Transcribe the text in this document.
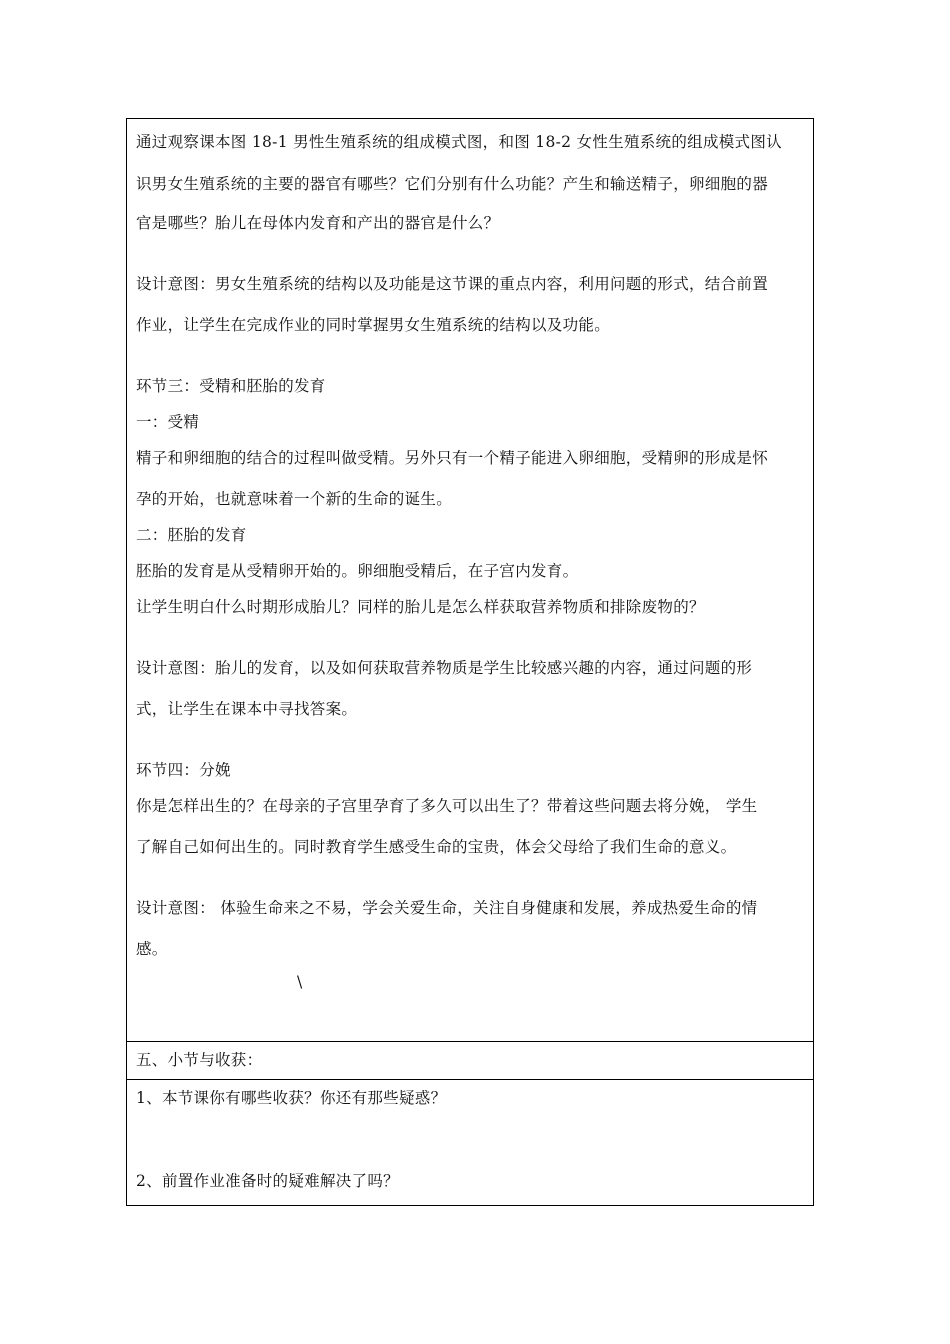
通过观察课本图 18-1 男性生殖系统的组成模式图，和图 18-2 女性生殖系统的组成模式图认
识男女生殖系统的主要的器官有哪些？它们分别有什么功能？产生和输送精子，卵细胞的器
官是哪些？胎儿在母体内发育和产出的器官是什么？
设计意图：男女生殖系统的结构以及功能是这节课的重点内容，利用问题的形式，结合前置
作业，让学生在完成作业的同时掌握男女生殖系统的结构以及功能。
环节三：受精和胚胎的发育
一：受精
精子和卵细胞的结合的过程叫做受精。另外只有一个精子能进入卵细胞，受精卵的形成是怀
孕的开始，也就意味着一个新的生命的诞生。
二：胚胎的发育
胚胎的发育是从受精卵开始的。卵细胞受精后，在子宫内发育。
让学生明白什么时期形成胎儿？同样的胎儿是怎么样获取营养物质和排除废物的？
设计意图：胎儿的发育，以及如何获取营养物质是学生比较感兴趣的内容，通过问题的形
式，让学生在课本中寻找答案。
环节四：分娩
你是怎样出生的？在母亲的子宫里孕育了多久可以出生了？带着这些问题去将分娩， 学生
了解自己如何出生的。同时教育学生感受生命的宝贵，体会父母给了我们生命的意义。
设计意图： 体验生命来之不易，学会关爱生命，关注自身健康和发展，养成热爱生命的情
感。
\
五、小节与收获：
1、本节课你有哪些收获？你还有那些疑惑？
2、前置作业准备时的疑难解决了吗？
